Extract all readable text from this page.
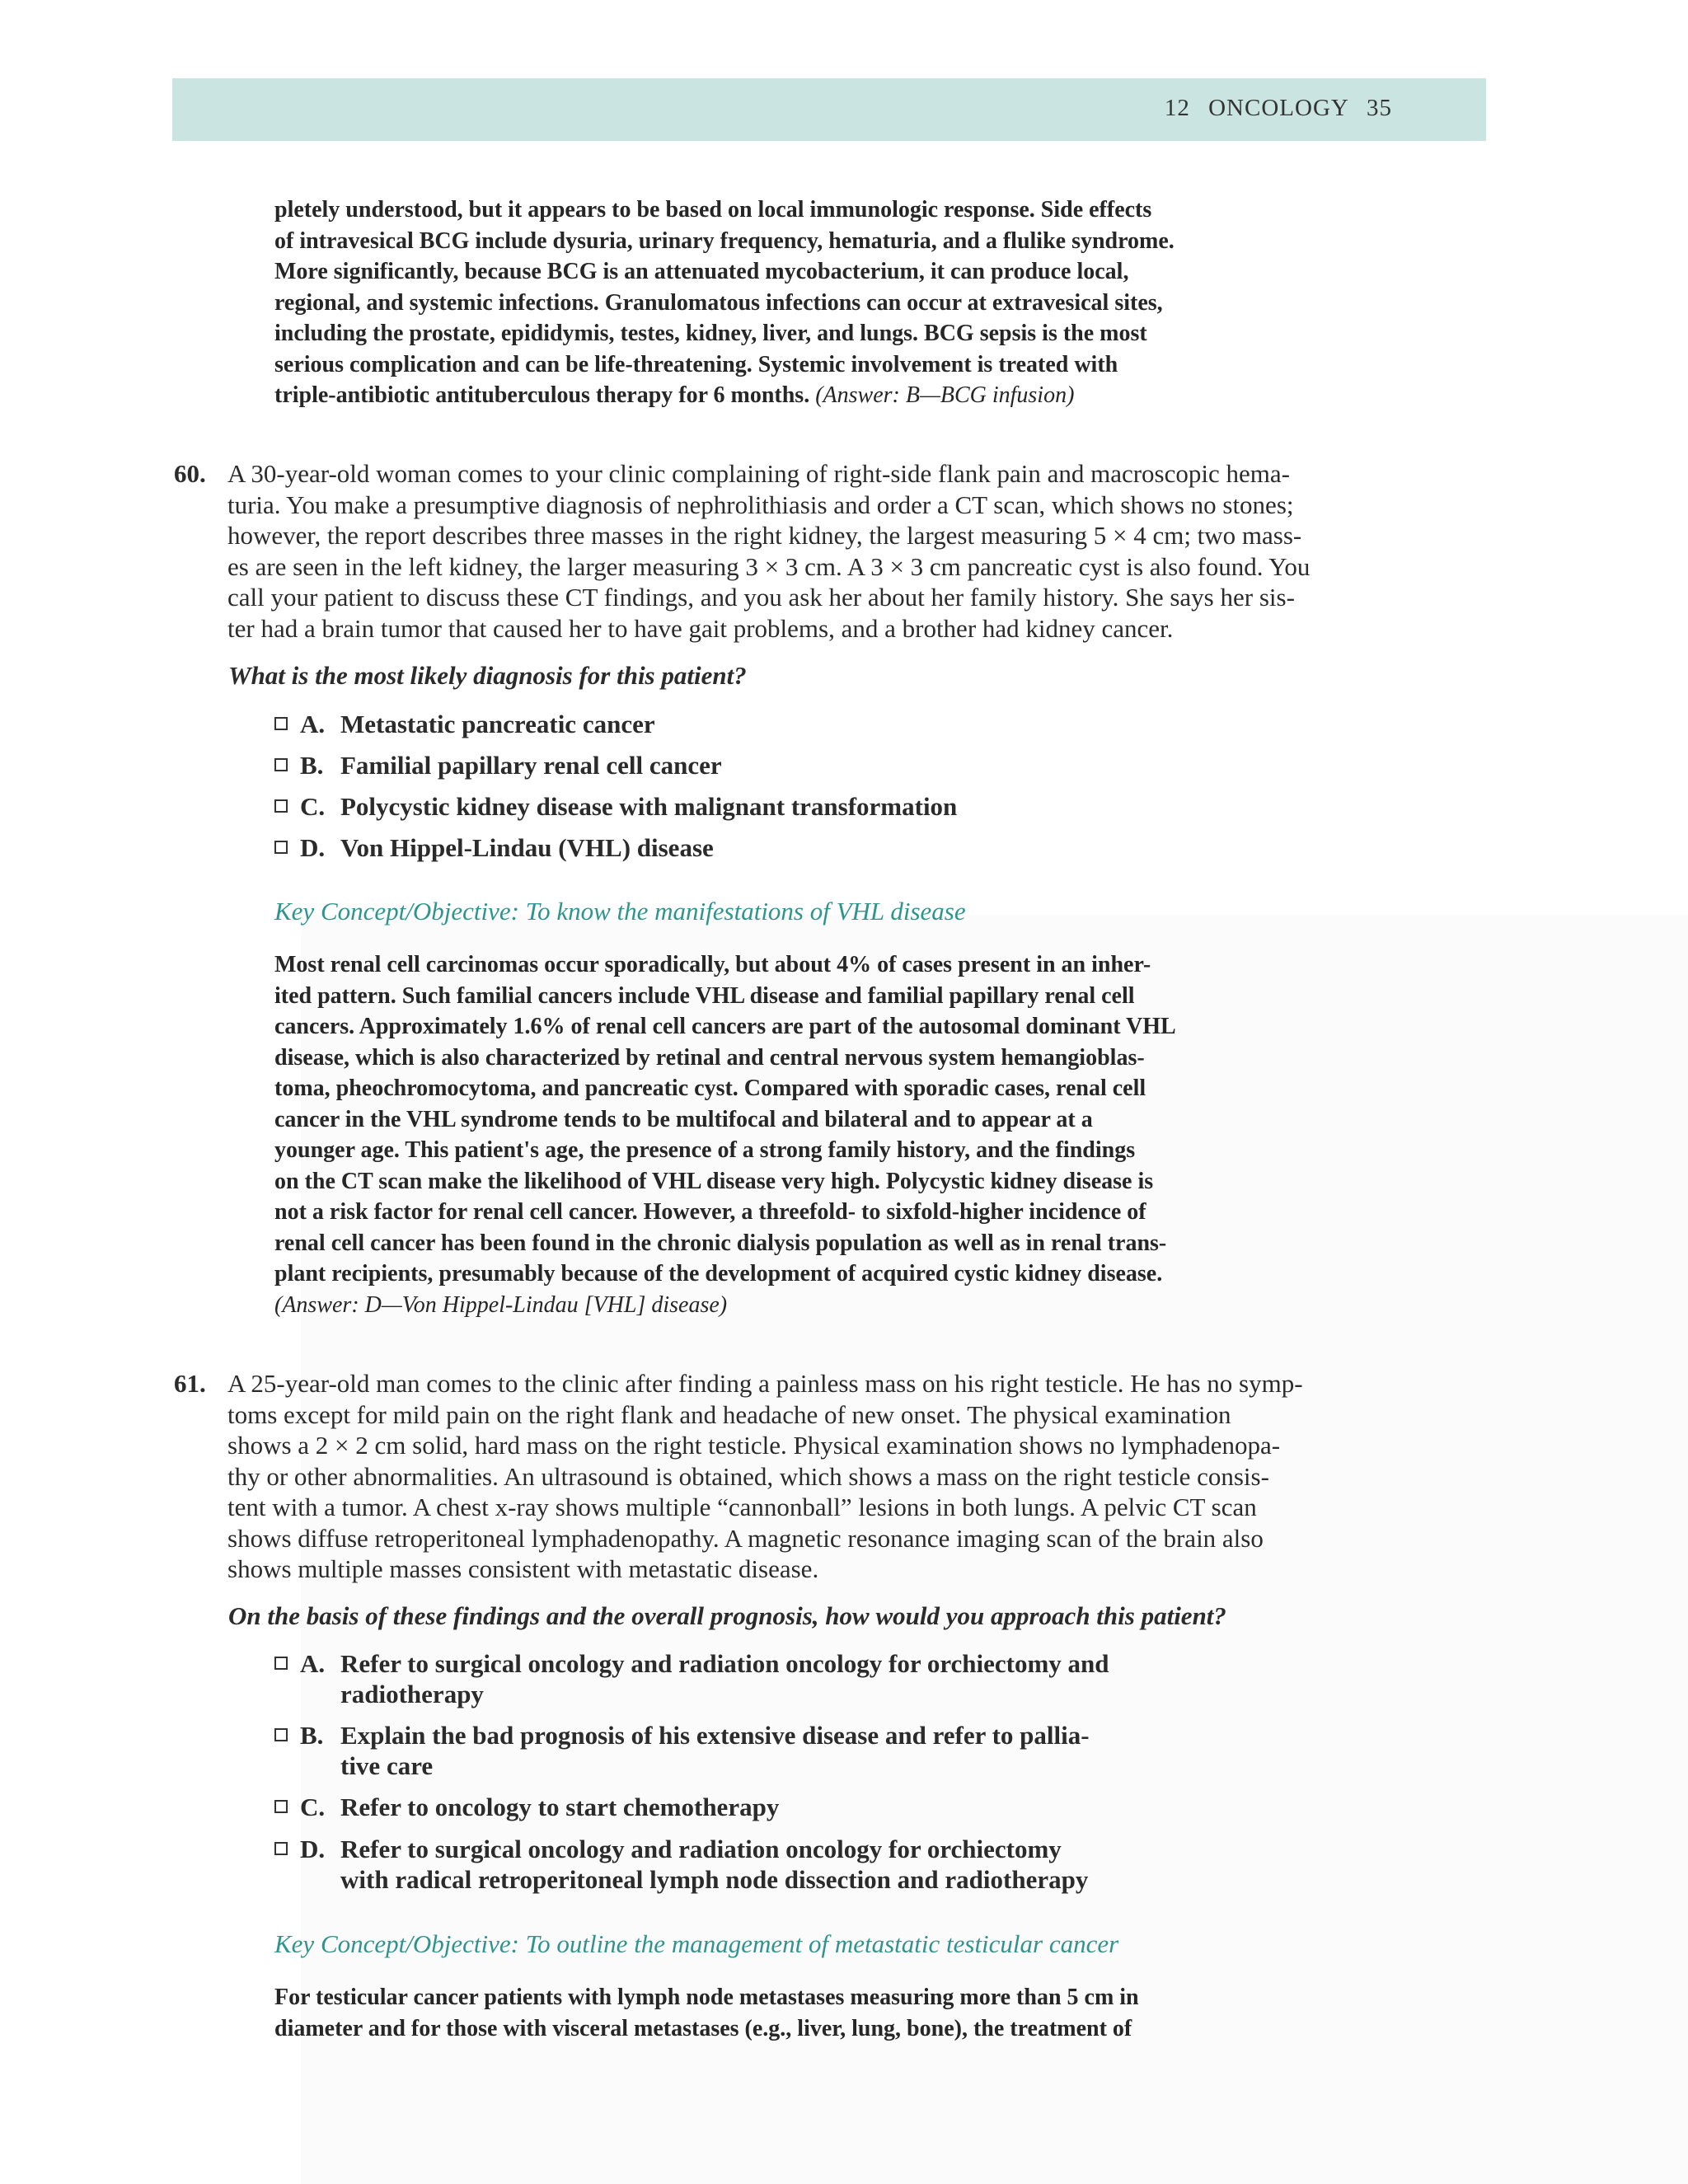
12 ONCOLOGY 35
pletely understood, but it appears to be based on local immunologic response. Side effects
of intravesical BCG include dysuria, urinary frequency, hematuria, and a flulike syndrome.
More significantly, because BCG is an attenuated mycobacterium, it can produce local,
regional, and systemic infections. Granulomatous infections can occur at extravesical sites,
including the prostate, epididymis, testes, kidney, liver, and lungs. BCG sepsis is the most
serious complication and can be life-threatening. Systemic involvement is treated with
triple-antibiotic antituberculous therapy for 6 months. (Answer: B—BCG infusion)
60. A 30-year-old woman comes to your clinic complaining of right-side flank pain and macroscopic hema-
turia. You make a presumptive diagnosis of nephrolithiasis and order a CT scan, which shows no stones;
however, the report describes three masses in the right kidney, the largest measuring 5 × 4 cm; two mass-
es are seen in the left kidney, the larger measuring 3 × 3 cm. A 3 × 3 cm pancreatic cyst is also found. You
call your patient to discuss these CT findings, and you ask her about her family history. She says her sis-
ter had a brain tumor that caused her to have gait problems, and a brother had kidney cancer.
What is the most likely diagnosis for this patient?
A. Metastatic pancreatic cancer
B. Familial papillary renal cell cancer
C. Polycystic kidney disease with malignant transformation
D. Von Hippel-Lindau (VHL) disease
Key Concept/Objective: To know the manifestations of VHL disease
Most renal cell carcinomas occur sporadically, but about 4% of cases present in an inher-
ited pattern. Such familial cancers include VHL disease and familial papillary renal cell
cancers. Approximately 1.6% of renal cell cancers are part of the autosomal dominant VHL
disease, which is also characterized by retinal and central nervous system hemangioblas-
toma, pheochromocytoma, and pancreatic cyst. Compared with sporadic cases, renal cell
cancer in the VHL syndrome tends to be multifocal and bilateral and to appear at a
younger age. This patient's age, the presence of a strong family history, and the findings
on the CT scan make the likelihood of VHL disease very high. Polycystic kidney disease is
not a risk factor for renal cell cancer. However, a threefold- to sixfold-higher incidence of
renal cell cancer has been found in the chronic dialysis population as well as in renal trans-
plant recipients, presumably because of the development of acquired cystic kidney disease.
(Answer: D—Von Hippel-Lindau [VHL] disease)
61. A 25-year-old man comes to the clinic after finding a painless mass on his right testicle. He has no symp-
toms except for mild pain on the right flank and headache of new onset. The physical examination
shows a 2 × 2 cm solid, hard mass on the right testicle. Physical examination shows no lymphadenopa-
thy or other abnormalities. An ultrasound is obtained, which shows a mass on the right testicle consis-
tent with a tumor. A chest x-ray shows multiple “cannonball” lesions in both lungs. A pelvic CT scan
shows diffuse retroperitoneal lymphadenopathy. A magnetic resonance imaging scan of the brain also
shows multiple masses consistent with metastatic disease.
On the basis of these findings and the overall prognosis, how would you approach this patient?
A. Refer to surgical oncology and radiation oncology for orchiectomy and
radiotherapy
B. Explain the bad prognosis of his extensive disease and refer to pallia-
tive care
C. Refer to oncology to start chemotherapy
D. Refer to surgical oncology and radiation oncology for orchiectomy
with radical retroperitoneal lymph node dissection and radiotherapy
Key Concept/Objective: To outline the management of metastatic testicular cancer
For testicular cancer patients with lymph node metastases measuring more than 5 cm in
diameter and for those with visceral metastases (e.g., liver, lung, bone), the treatment of
